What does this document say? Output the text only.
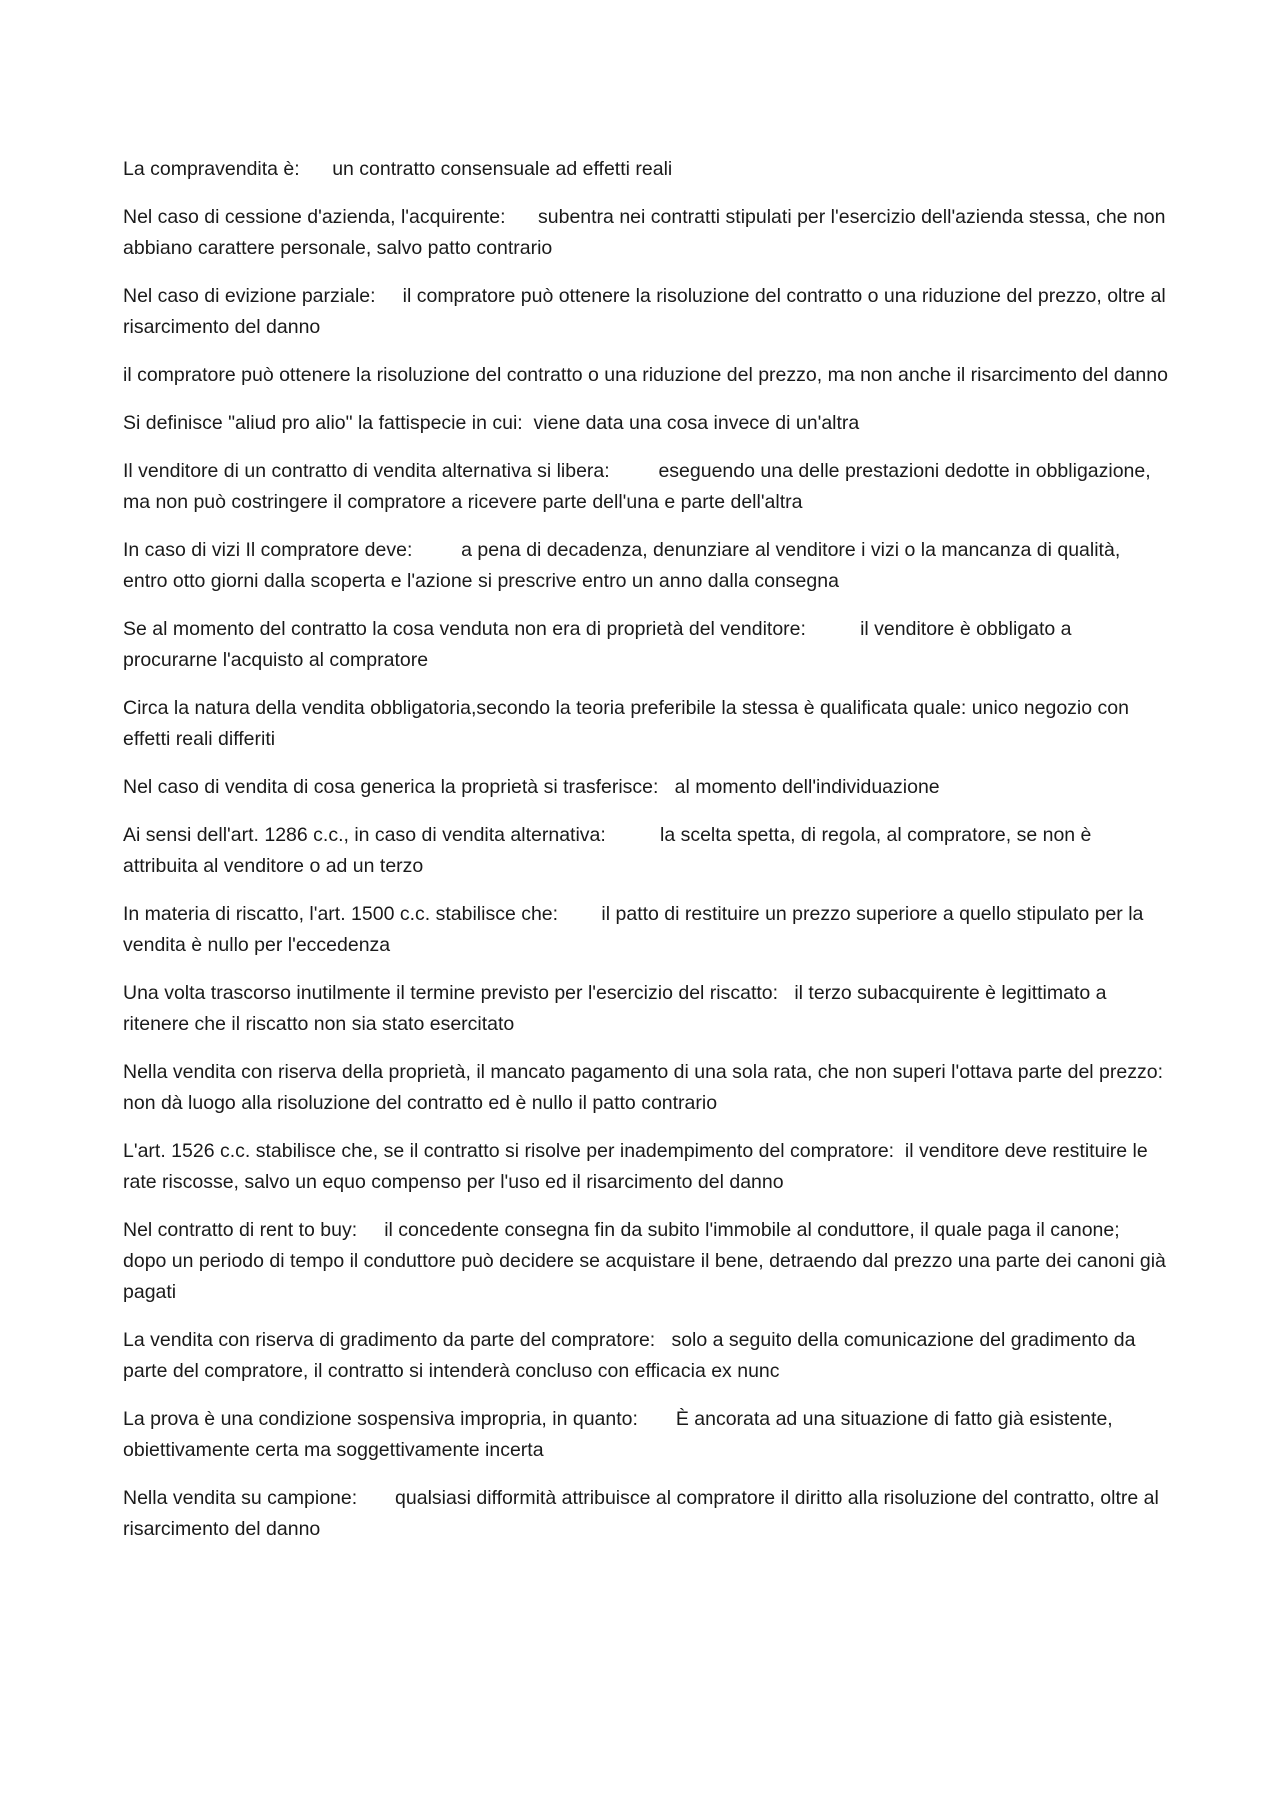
La compravendita è:      un contratto consensuale ad effetti reali

Nel caso di cessione d'azienda, l'acquirente:      subentra nei contratti stipulati per l'esercizio dell'azienda stessa, che non abbiano carattere personale, salvo patto contrario

Nel caso di evizione parziale:     il compratore può ottenere la risoluzione del contratto o una riduzione del prezzo, oltre al risarcimento del danno

il compratore può ottenere la risoluzione del contratto o una riduzione del prezzo, ma non anche il risarcimento del danno

Si definisce "aliud pro alio" la fattispecie in cui:  viene data una cosa invece di un'altra

Il venditore di un contratto di vendita alternativa si libera:         eseguendo una delle prestazioni dedotte in obbligazione, ma non può costringere il compratore a ricevere parte dell'una e parte dell'altra

In caso di vizi Il compratore deve:         a pena di decadenza, denunziare al venditore i vizi o la mancanza di qualità, entro otto giorni dalla scoperta e l'azione si prescrive entro un anno dalla consegna

Se al momento del contratto la cosa venduta non era di proprietà del venditore:          il venditore è obbligato a procurarne l'acquisto al compratore

Circa la natura della vendita obbligatoria,secondo la teoria preferibile la stessa è qualificata quale: unico negozio con effetti reali differiti

Nel caso di vendita di cosa generica la proprietà si trasferisce:   al momento dell'individuazione

Ai sensi dell'art. 1286 c.c., in caso di vendita alternativa:          la scelta spetta, di regola, al compratore, se non è attribuita al venditore o ad un terzo

In materia di riscatto, l'art. 1500 c.c. stabilisce che:        il patto di restituire un prezzo superiore a quello stipulato per la vendita è nullo per l'eccedenza

Una volta trascorso inutilmente il termine previsto per l'esercizio del riscatto:   il terzo subacquirente è legittimato a ritenere che il riscatto non sia stato esercitato

Nella vendita con riserva della proprietà, il mancato pagamento di una sola rata, che non superi l'ottava parte del prezzo:          non dà luogo alla risoluzione del contratto ed è nullo il patto contrario

L'art. 1526 c.c. stabilisce che, se il contratto si risolve per inadempimento del compratore:  il venditore deve restituire le rate riscosse, salvo un equo compenso per l'uso ed il risarcimento del danno

Nel contratto di rent to buy:     il concedente consegna fin da subito l'immobile al conduttore, il quale paga il canone; dopo un periodo di tempo il conduttore può decidere se acquistare il bene, detraendo dal prezzo una parte dei canoni già pagati

La vendita con riserva di gradimento da parte del compratore:   solo a seguito della comunicazione del gradimento da parte del compratore, il contratto si intenderà concluso con efficacia ex nunc

La prova è una condizione sospensiva impropria, in quanto:       È ancorata ad una situazione di fatto già esistente, obiettivamente certa ma soggettivamente incerta

Nella vendita su campione:       qualsiasi difformità attribuisce al compratore il diritto alla risoluzione del contratto, oltre al risarcimento del danno
